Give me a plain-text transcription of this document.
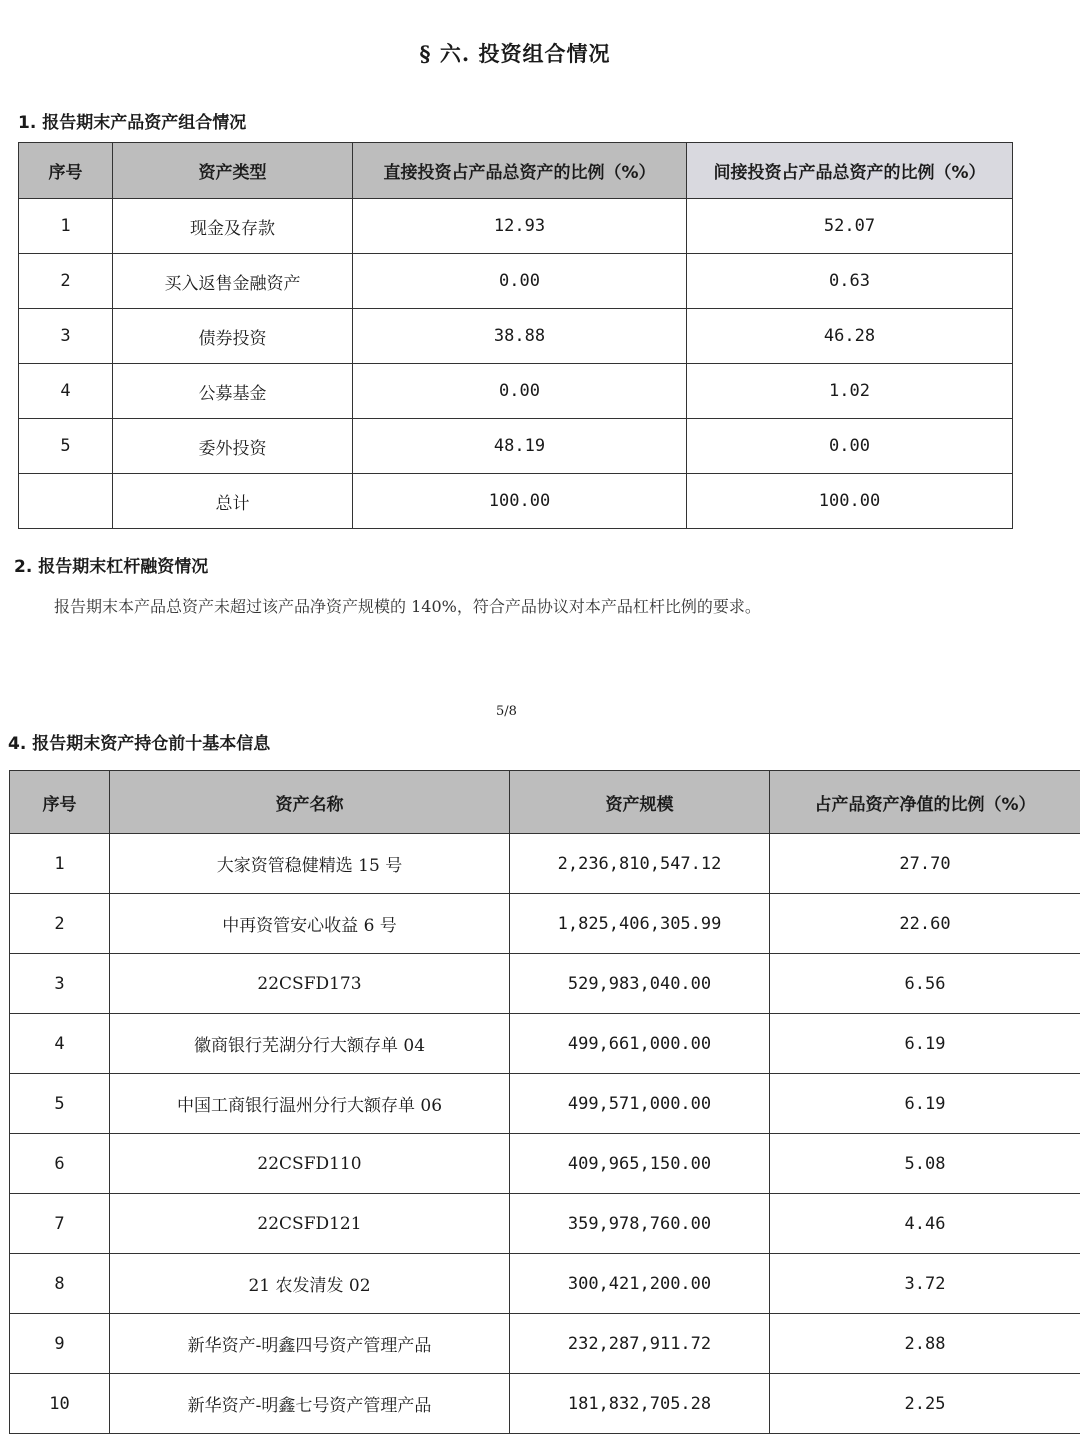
§ 六. 投资组合情况
1. 报告期末产品资产组合情况
序号	资产类型	直接投资占产品总资产的比例（%）	间接投资占产品总资产的比例（%）
1	现金及存款	12.93	52.07
2	买入返售金融资产	0.00	0.63
3	债券投资	38.88	46.28
4	公募基金	0.00	1.02
5	委外投资	48.19	0.00
	总计	100.00	100.00
2. 报告期末杠杆融资情况
报告期末本产品总资产未超过该产品净资产规模的 140%，符合产品协议对本产品杠杆比例的要求。
5/8
4. 报告期末资产持仓前十基本信息
序号	资产名称	资产规模	占产品资产净值的比例（%）
1	大家资管稳健精选 15 号	2,236,810,547.12	27.70
2	中再资管安心收益 6 号	1,825,406,305.99	22.60
3	22CSFD173	529,983,040.00	6.56
4	徽商银行芜湖分行大额存单 04	499,661,000.00	6.19
5	中国工商银行温州分行大额存单 06	499,571,000.00	6.19
6	22CSFD110	409,965,150.00	5.08
7	22CSFD121	359,978,760.00	4.46
8	21 农发清发 02	300,421,200.00	3.72
9	新华资产-明鑫四号资产管理产品	232,287,911.72	2.88
10	新华资产-明鑫七号资产管理产品	181,832,705.28	2.25
